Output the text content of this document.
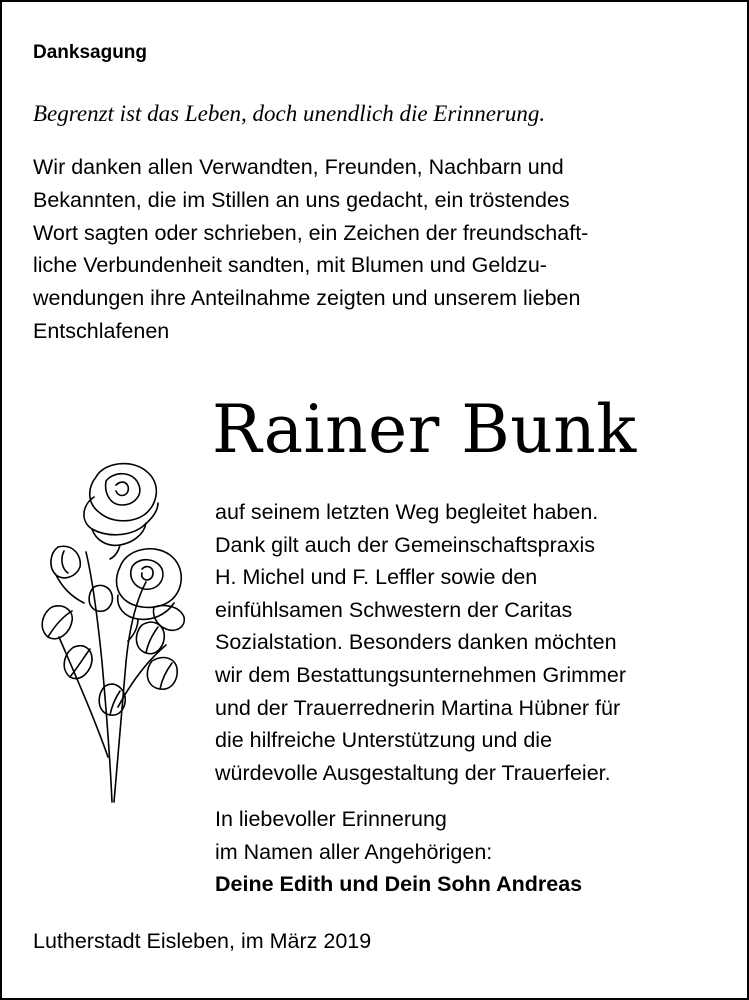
Danksagung
Begrenzt ist das Leben, doch unendlich die Erinnerung.
Wir danken allen Verwandten, Freunden, Nachbarn und
Bekannten, die im Stillen an uns gedacht, ein tröstendes
Wort sagten oder schrieben, ein Zeichen der freundschaft-
liche Verbundenheit sandten, mit Blumen und Geldzu-
wendungen ihre Anteilnahme zeigten und unserem lieben
Entschlafenen
Rainer Bunk
auf seinem letzten Weg begleitet haben.
Dank gilt auch der Gemeinschaftspraxis
H. Michel und F. Leffler sowie den
einfühlsamen Schwestern der Caritas
Sozialstation. Besonders danken möchten
wir dem Bestattungsunternehmen Grimmer
und der Trauerrednerin Martina Hübner für
die hilfreiche Unterstützung und die
würdevolle Ausgestaltung der Trauerfeier.
In liebevoller Erinnerung
im Namen aller Angehörigen:
Deine Edith und Dein Sohn Andreas
Lutherstadt Eisleben, im März 2019
